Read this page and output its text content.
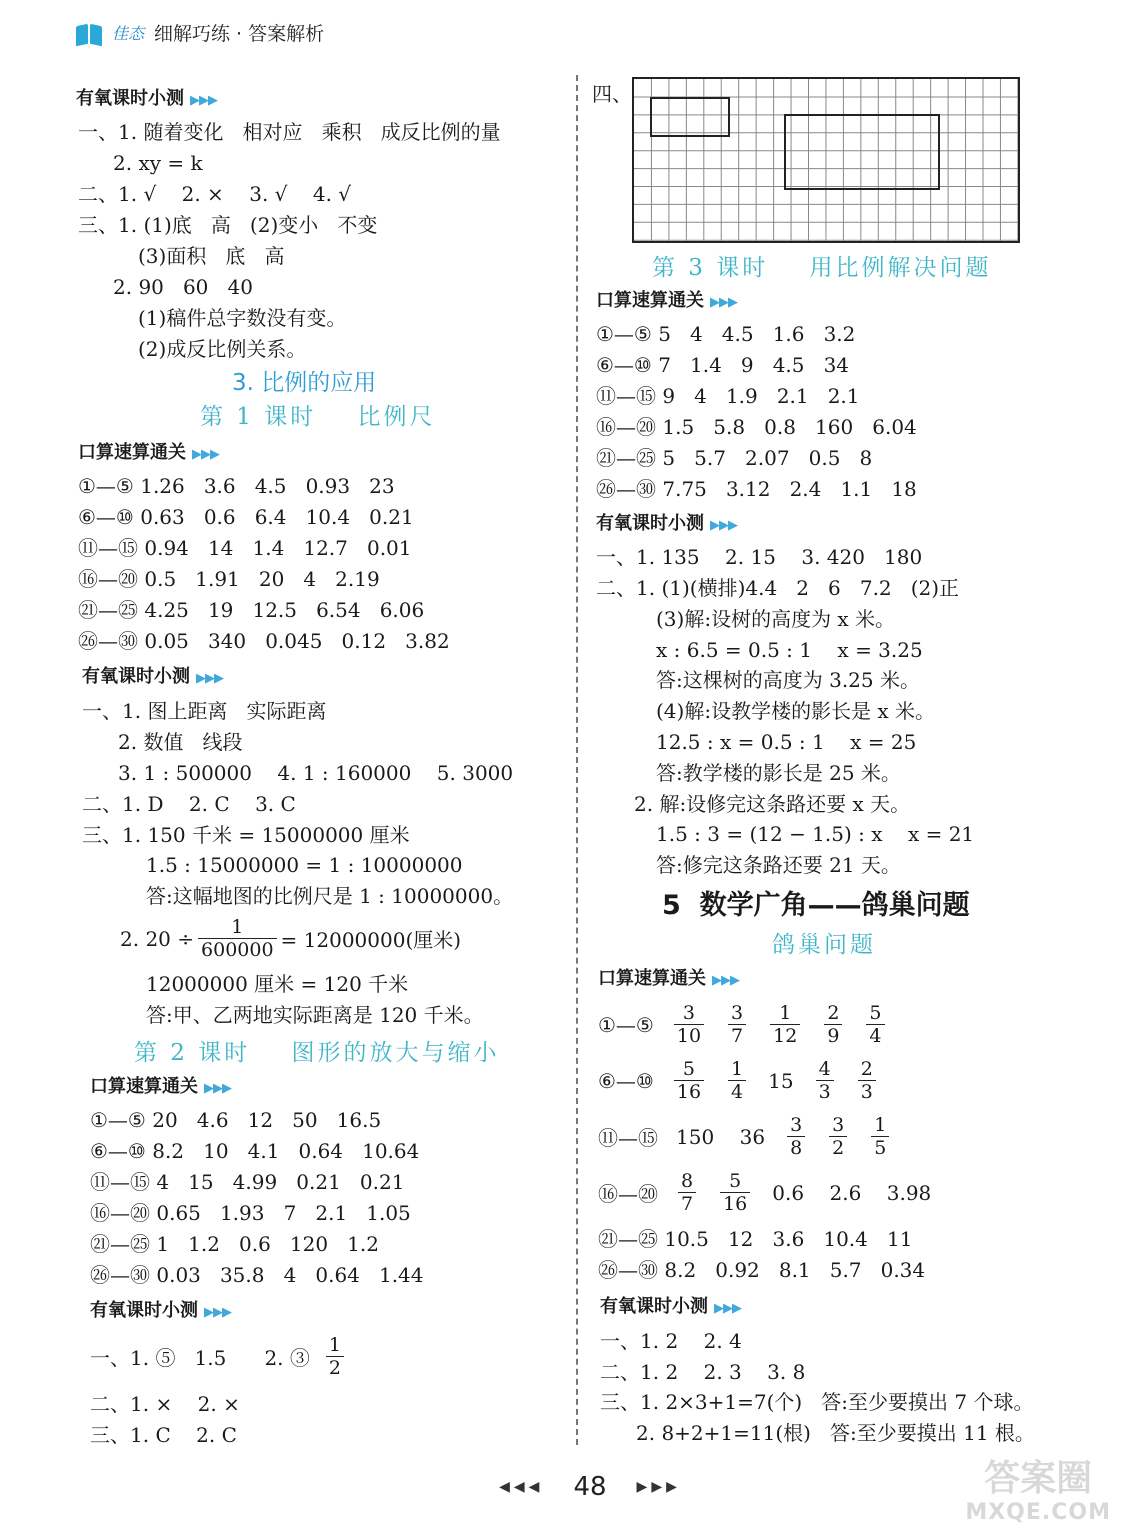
佳态 细解巧练 · 答案解析
有氧课时小测 ▶▶▶
一、1. 随着变化   相对应   乘积   成反比例的量
2. xy = k
二、1. √    2. ×    3. √    4. √
三、1. (1)底   高   (2)变小   不变
(3)面积   底   高
2. 90   60   40
(1)稿件总字数没有变。
(2)成反比例关系。
3. 比例的应用
第 1 课时    比例尺
口算速算通关 ▶▶▶
①—⑤ 1.26   3.6   4.5   0.93   23
⑥—⑩ 0.63   0.6   6.4   10.4   0.21
⑪—⑮ 0.94   14   1.4   12.7   0.01
⑯—⑳ 0.5   1.91   20   4   2.19
㉑—㉕ 4.25   19   12.5   6.54   6.06
㉖—㉚ 0.05   340   0.045   0.12   3.82
有氧课时小测 ▶▶▶
一、1. 图上距离   实际距离
2. 数值   线段
3. 1 : 500000    4. 1 : 160000    5. 3000
二、1. D    2. C    3. C
三、1. 150 千米 = 15000000 厘米
1.5 : 15000000 = 1 : 10000000
答:这幅地图的比例尺是 1 : 10000000。
2. $20 \div \frac{1}{600000} = 12000000$(厘米)
12000000 厘米 = 120 千米
答:甲、乙两地实际距离是 120 千米。
第 2 课时    图形的放大与缩小
口算速算通关 ▶▶▶
①—⑤ 20   4.6   12   50   16.5
⑥—⑩ 8.2   10   4.1   0.64   10.64
⑪—⑮ 4   15   4.99   0.21   0.21
⑯—⑳ 0.65   1.93   7   2.1   1.05
㉑—㉕ 1   1.2   0.6   120   1.2
㉖—㉚ 0.03   35.8   4   0.64   1.44
有氧课时小测 ▶▶▶
一、1. ⑤   1.5      2. ③ $\frac{1}{2}$
二、1. ×    2. ×
三、1. C    2. C
四、
第 3 课时    用比例解决问题
口算速算通关 ▶▶▶
①—⑤ 5   4   4.5   1.6   3.2
⑥—⑩ 7   1.4   9   4.5   34
⑪—⑮ 9   4   1.9   2.1   2.1
⑯—⑳ 1.5   5.8   0.8   160   6.04
㉑—㉕ 5   5.7   2.07   0.5   8
㉖—㉚ 7.75   3.12   2.4   1.1   18
有氧课时小测 ▶▶▶
一、1. 135    2. 15    3. 420   180
二、1. (1)(横排)4.4   2   6   7.2   (2)正
(3)解:设树的高度为 x 米。
x : 6.5 = 0.5 : 1    x = 3.25
答:这棵树的高度为 3.25 米。
(4)解:设教学楼的影长是 x 米。
12.5 : x = 0.5 : 1    x = 25
答:教学楼的影长是 25 米。
2. 解:设修完这条路还要 x 天。
1.5 : 3 = (12 − 1.5) : x    x = 21
答:修完这条路还要 21 天。
5  数学广角——鸽巢问题
鸽巢问题
口算速算通关 ▶▶▶
①—⑤ $\frac{3}{10} \frac{3}{7} \frac{1}{12} \frac{2}{9} \frac{5}{4}$
⑥—⑩ $\frac{5}{16} \frac{1}{4} 15 \frac{4}{3} \frac{2}{3}$
⑪—⑮ 150    $36 \frac{3}{8} \frac{3}{2} \frac{1}{5}$
⑯—⑳ $\frac{8}{7} \frac{5}{16} 0.6$    2.6    3.98
㉑—㉕ 10.5   12   3.6   10.4   11
㉖—㉚ 8.2   0.92   8.1   5.7   0.34
有氧课时小测 ▶▶▶
一、1. 2    2. 4
二、1. 2    2. 3    3. 8
三、1. 2×3+1=7(个)   答:至少要摸出 7 个球。
2. 8+2+1=11(根)   答:至少要摸出 11 根。
◀◀◀ 48 ▶▶▶	答案圈
MXQE.COM
